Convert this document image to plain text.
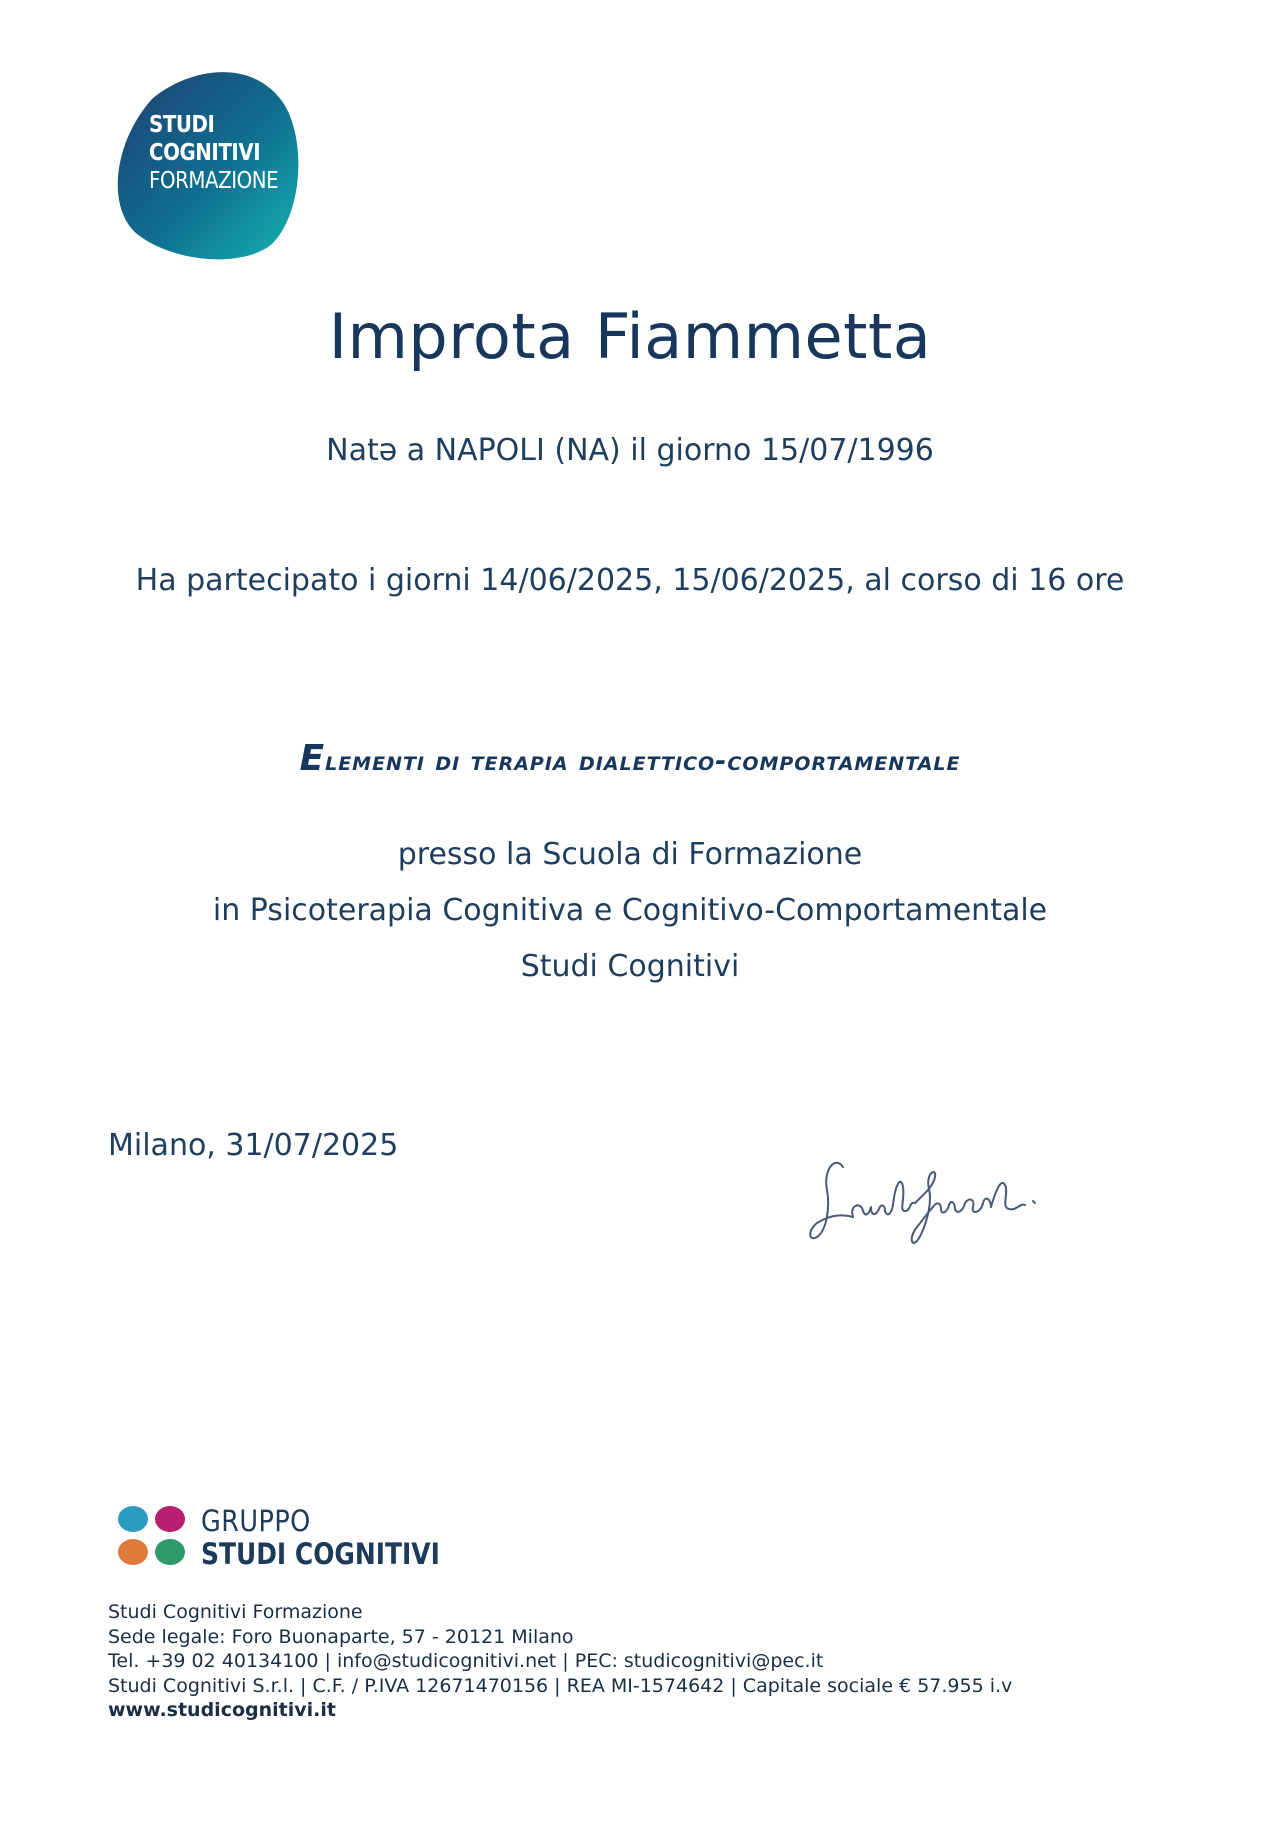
STUDI
COGNITIVI
FORMAZIONE
Improta Fiammetta
Natə a NAPOLI (NA) il giorno 15/07/1996
Ha partecipato i giorni 14/06/2025, 15/06/2025, al corso di 16 ore
Elementi di terapia dialettico-comportamentale
presso la Scuola di Formazione
in Psicoterapia Cognitiva e Cognitivo-Comportamentale
Studi Cognitivi
Milano, 31/07/2025
GRUPPO
STUDI COGNITIVI
Studi Cognitivi Formazione
Sede legale: Foro Buonaparte, 57 - 20121 Milano
Tel. +39 02 40134100 | info@studicognitivi.net | PEC: studicognitivi@pec.it
Studi Cognitivi S.r.l. | C.F. / P.IVA 12671470156 | REA MI-1574642 | Capitale sociale € 57.955 i.v
www.studicognitivi.it
